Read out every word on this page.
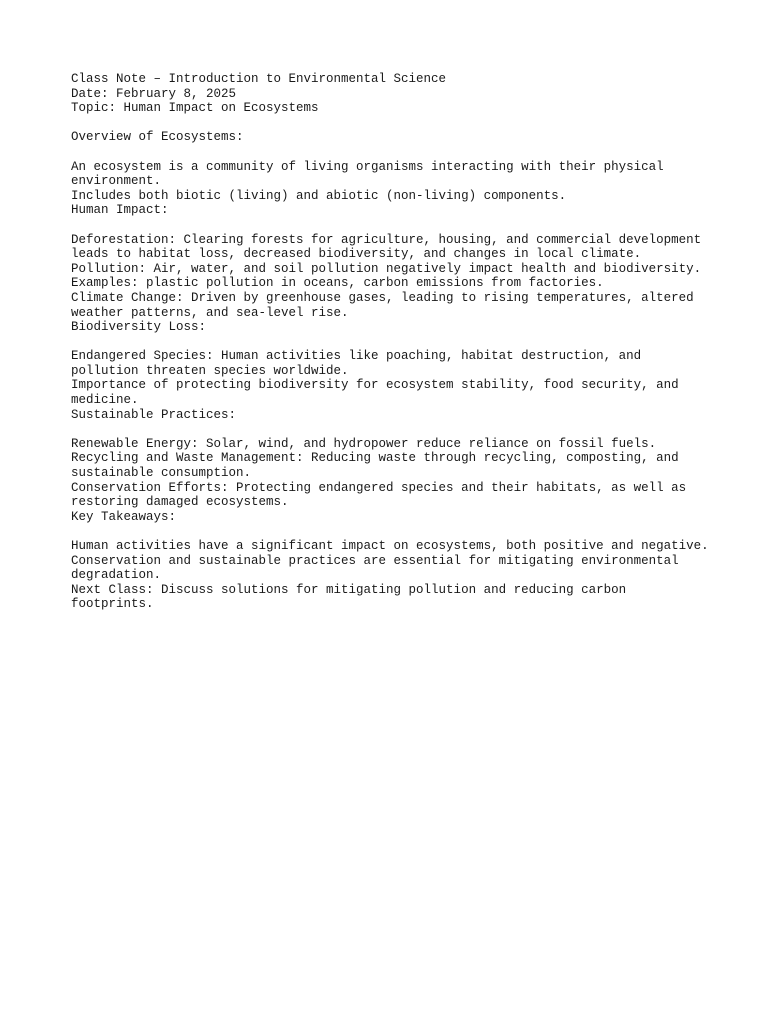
Class Note – Introduction to Environmental Science
Date: February 8, 2025
Topic: Human Impact on Ecosystems
Overview of Ecosystems:
An ecosystem is a community of living organisms interacting with their physical environment.
Includes both biotic (living) and abiotic (non-living) components.
Human Impact:
Deforestation: Clearing forests for agriculture, housing, and commercial development leads to habitat loss, decreased biodiversity, and changes in local climate.
Pollution: Air, water, and soil pollution negatively impact health and biodiversity. Examples: plastic pollution in oceans, carbon emissions from factories.
Climate Change: Driven by greenhouse gases, leading to rising temperatures, altered weather patterns, and sea-level rise.
Biodiversity Loss:
Endangered Species: Human activities like poaching, habitat destruction, and pollution threaten species worldwide.
Importance of protecting biodiversity for ecosystem stability, food security, and medicine.
Sustainable Practices:
Renewable Energy: Solar, wind, and hydropower reduce reliance on fossil fuels.
Recycling and Waste Management: Reducing waste through recycling, composting, and sustainable consumption.
Conservation Efforts: Protecting endangered species and their habitats, as well as restoring damaged ecosystems.
Key Takeaways:
Human activities have a significant impact on ecosystems, both positive and negative.
Conservation and sustainable practices are essential for mitigating environmental degradation.
Next Class: Discuss solutions for mitigating pollution and reducing carbon footprints.
